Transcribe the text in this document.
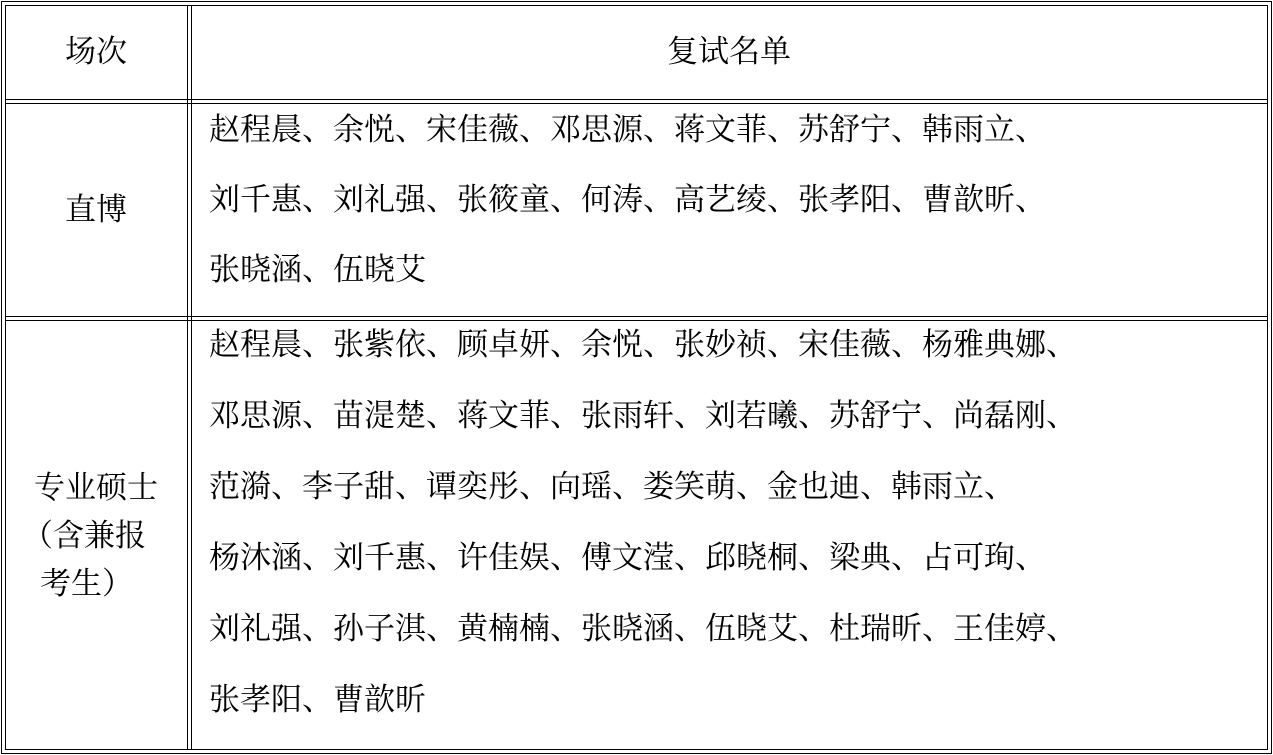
场次	复试名单
直博
赵程晨、余悦、宋佳薇、邓思源、蒋文菲、苏舒宁、韩雨立、
刘千惠、刘礼强、张筱童、何涛、高艺绫、张孝阳、曹歆昕、
张晓涵、伍晓艾
专业硕士
（含兼报
考生）
赵程晨、张紫依、顾卓妍、余悦、张妙祯、宋佳薇、杨雅典娜、
邓思源、苗湜楚、蒋文菲、张雨轩、刘若曦、苏舒宁、尚磊刚、
范漪、李子甜、谭奕彤、向瑶、娄笑萌、金也迪、韩雨立、
杨沐涵、刘千惠、许佳娱、傅文滢、邱晓桐、梁典、占可珣、
刘礼强、孙子淇、黄楠楠、张晓涵、伍晓艾、杜瑞昕、王佳婷、
张孝阳、曹歆昕
